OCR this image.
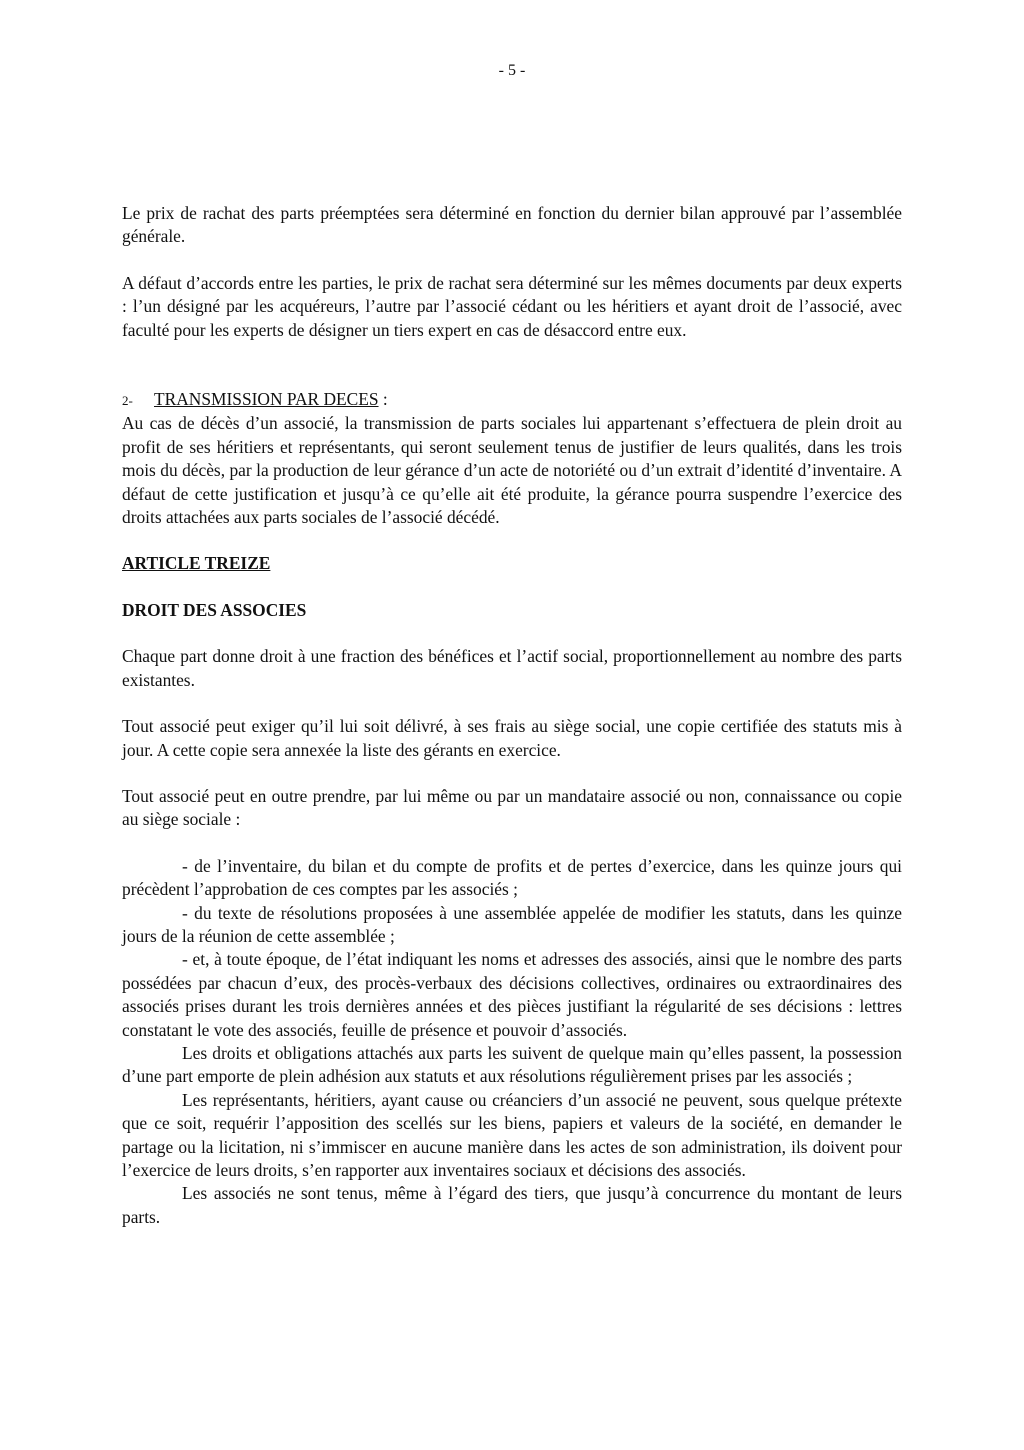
- 5 -

Le prix de rachat des parts préemptées sera déterminé en fonction du dernier bilan approuvé par l’assemblée générale.

A défaut d’accords entre les parties, le prix de rachat sera déterminé sur les mêmes documents par deux experts : l’un désigné par les acquéreurs, l’autre par l’associé cédant ou les héritiers et ayant droit de l’associé, avec faculté pour les experts de désigner un tiers expert en cas de désaccord entre eux.

2- TRANSMISSION PAR DECES :

Au cas de décès d’un associé, la transmission de parts sociales lui appartenant s’effectuera de plein droit au profit de ses héritiers et représentants, qui seront seulement tenus de justifier de leurs qualités, dans les trois mois du décès, par la production de leur gérance d’un acte de notoriété ou d’un extrait d’identité d’inventaire. A défaut de cette justification et jusqu’à ce qu’elle ait été produite, la gérance pourra suspendre l’exercice des droits attachées aux parts sociales de l’associé décédé.

ARTICLE TREIZE

DROIT DES ASSOCIES

Chaque part donne droit à une fraction des bénéfices et l’actif social, proportionnellement au nombre des parts existantes.

Tout associé peut exiger qu’il lui soit délivré, à ses frais au siège social, une copie certifiée des statuts mis à jour. A cette copie sera annexée la liste des gérants en exercice.

Tout associé peut en outre prendre, par lui même ou par un mandataire associé ou non, connaissance ou copie au siège sociale :

- de l’inventaire, du bilan et du compte de profits et de pertes d’exercice, dans les quinze jours qui précèdent l’approbation de ces comptes par les associés ;

- du texte de résolutions proposées à une assemblée appelée de modifier les statuts, dans les quinze jours de la réunion de cette assemblée ;

- et, à toute époque, de l’état indiquant les noms et adresses des associés, ainsi que le nombre des parts possédées par chacun d’eux, des procès-verbaux des décisions collectives, ordinaires ou extraordinaires des associés prises durant les trois dernières années et des pièces justifiant la régularité de ses décisions : lettres constatant le vote des associés, feuille de présence et pouvoir d’associés.

Les droits et obligations attachés aux parts les suivent de quelque main qu’elles passent, la possession d’une part emporte de plein adhésion aux statuts et aux résolutions régulièrement prises par les associés ;

Les représentants, héritiers, ayant cause ou créanciers d’un associé ne peuvent, sous quelque prétexte que ce soit, requérir l’apposition des scellés sur les biens, papiers et valeurs de la société, en demander le partage ou la licitation, ni s’immiscer en aucune manière dans les actes de son administration, ils doivent pour l’exercice de leurs droits, s’en rapporter aux inventaires sociaux et décisions des associés.

Les associés ne sont tenus, même à l’égard des tiers, que jusqu’à concurrence du montant de leurs parts.
